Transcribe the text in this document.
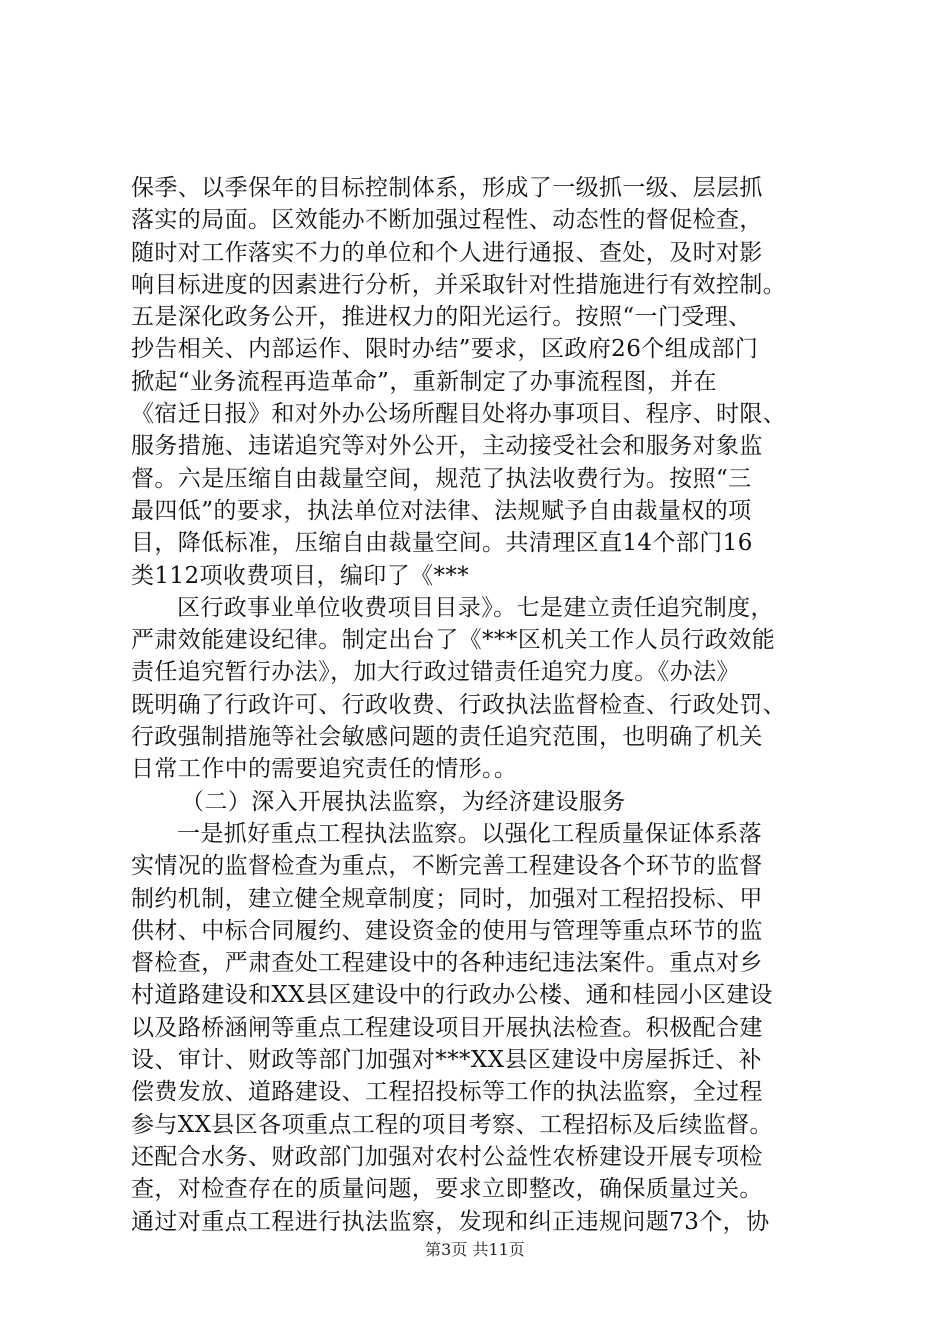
保季、以季保年的目标控制体系，形成了一级抓一级、层层抓
落实的局面。区效能办不断加强过程性、动态性的督促检查，
随时对工作落实不力的单位和个人进行通报、查处，及时对影
响目标进度的因素进行分析，并采取针对性措施进行有效控制。
五是深化政务公开，推进权力的阳光运行。按照“一门受理、
抄告相关、内部运作、限时办结”要求，区政府26个组成部门
掀起“业务流程再造革命”，重新制定了办事流程图，并在
《宿迁日报》和对外办公场所醒目处将办事项目、程序、时限、
服务措施、违诺追究等对外公开，主动接受社会和服务对象监
督。六是压缩自由裁量空间，规范了执法收费行为。按照“三
最四低”的要求，执法单位对法律、法规赋予自由裁量权的项
目，降低标准，压缩自由裁量空间。共清理区直14个部门16
类112项收费项目，编印了《***
区行政事业单位收费项目目录》。七是建立责任追究制度，
严肃效能建设纪律。制定出台了《***区机关工作人员行政效能
责任追究暂行办法》，加大行政过错责任追究力度。《办法》
既明确了行政许可、行政收费、行政执法监督检查、行政处罚、
行政强制措施等社会敏感问题的责任追究范围，也明确了机关
日常工作中的需要追究责任的情形。。
（二）深入开展执法监察，为经济建设服务
一是抓好重点工程执法监察。以强化工程质量保证体系落
实情况的监督检查为重点，不断完善工程建设各个环节的监督
制约机制，建立健全规章制度；同时，加强对工程招投标、甲
供材、中标合同履约、建设资金的使用与管理等重点环节的监
督检查，严肃查处工程建设中的各种违纪违法案件。重点对乡
村道路建设和XX县区建设中的行政办公楼、通和桂园小区建设
以及路桥涵闸等重点工程建设项目开展执法检查。积极配合建
设、审计、财政等部门加强对***XX县区建设中房屋拆迁、补
偿费发放、道路建设、工程招投标等工作的执法监察，全过程
参与XX县区各项重点工程的项目考察、工程招标及后续监督。
还配合水务、财政部门加强对农村公益性农桥建设开展专项检
查，对检查存在的质量问题，要求立即整改，确保质量过关。
通过对重点工程进行执法监察，发现和纠正违规问题73个，协
第3页 共11页
